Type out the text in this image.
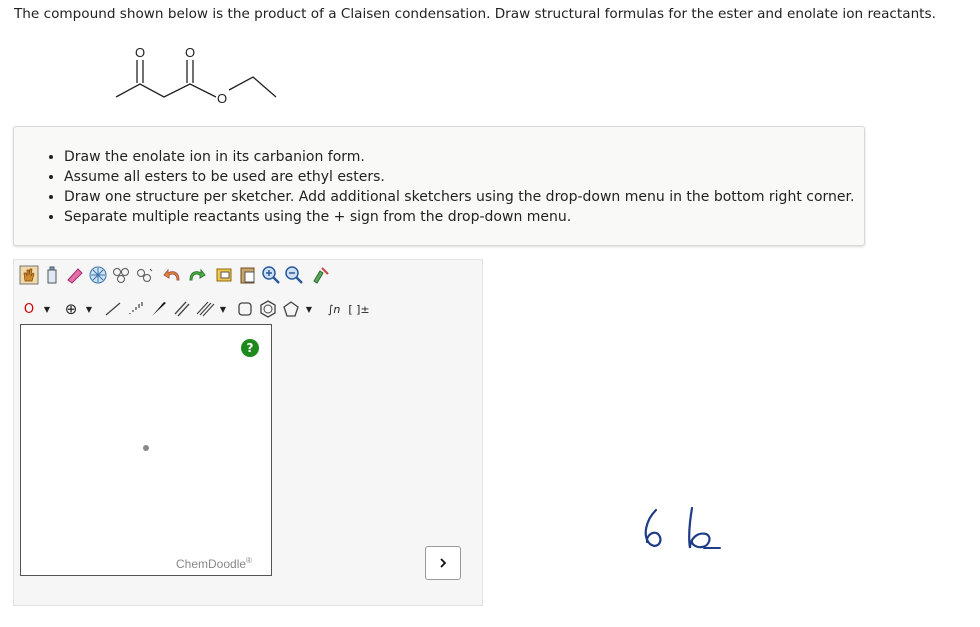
The compound shown below is the product of a Claisen condensation. Draw structural formulas for the ester and enolate ion reactants.
O	O
O
• Draw the enolate ion in its carbanion form.
• Assume all esters to be used are ethyl esters.
• Draw one structure per sketcher. Add additional sketchers using the drop-down menu in the bottom right corner.
• Separate multiple reactants using the + sign from the drop-down menu.
O ▼ ⊕ ▼	▼	▼ ∫n [ ]±
?
ChemDoodle®
